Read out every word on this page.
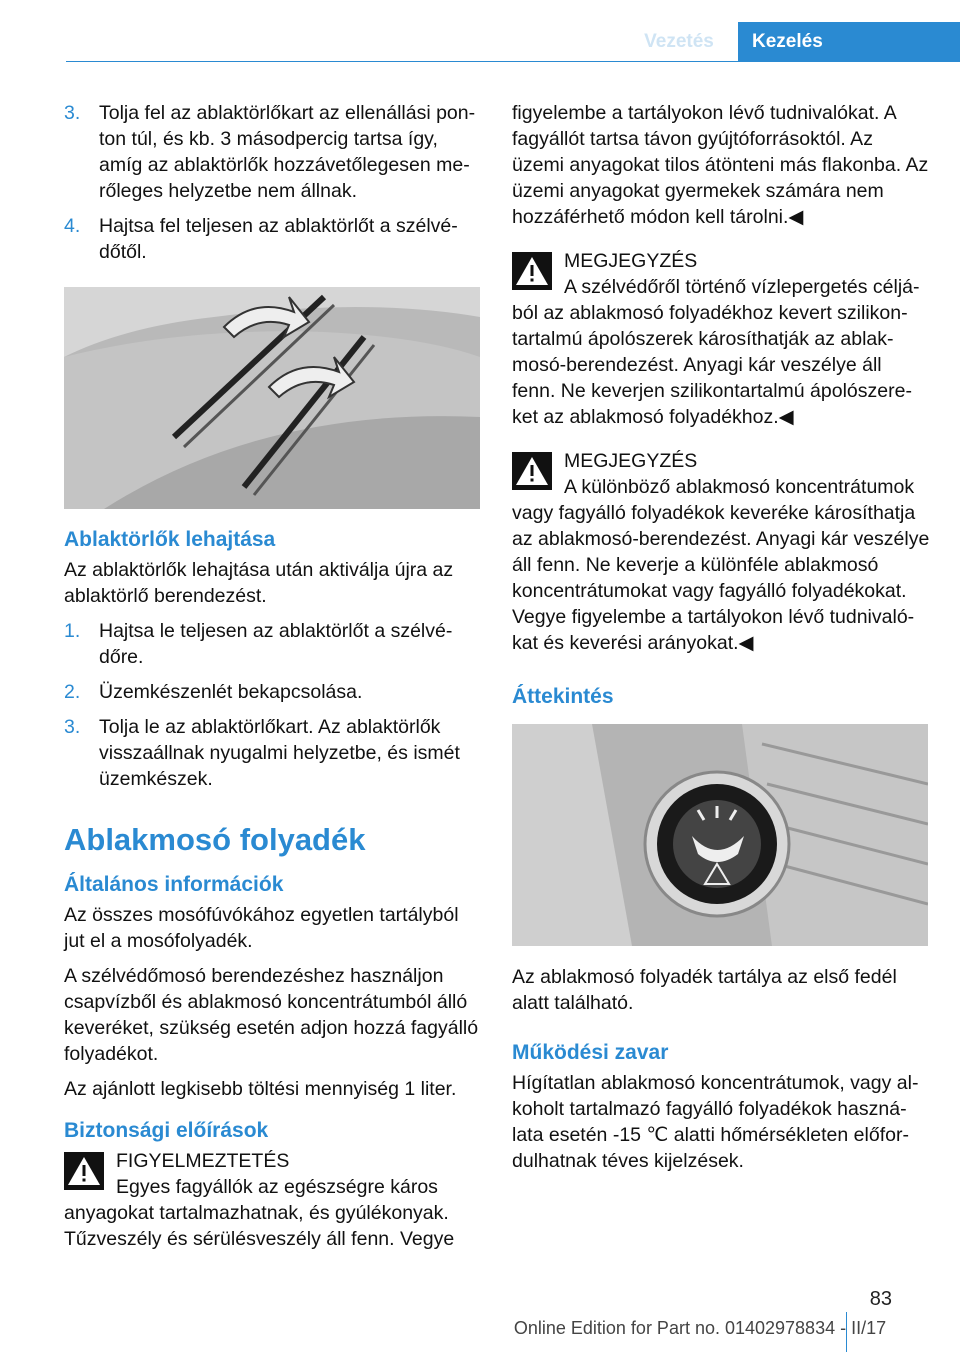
Vezetés	Kezelés
3. Tolja fel az ablaktörlőkart az ellenállási ponton túl, és kb. 3 másodpercig tartsa így, amíg az ablaktörlők hozzávetőlegesen merőleges helyzetbe nem állnak.
4. Hajtsa fel teljesen az ablaktörlőt a szélvédőtől.
Ablaktörlők lehajtása

Az ablaktörlők lehajtása után aktiválja újra az ablaktörlő berendezést.

1. Hajtsa le teljesen az ablaktörlőt a szélvédőre.
2. Üzemkészenlét bekapcsolása.
3. Tolja le az ablaktörlőkart. Az ablaktörlők visszaállnak nyugalmi helyzetbe, és ismét üzemkészek.
Ablakmosó folyadék
Általános információk

Az összes mosófúvókához egyetlen tartályból jut el a mosófolyadék.

A szélvédőmosó berendezéshez használjon csapvízből és ablakmosó koncentrátumból álló keveréket, szükség esetén adjon hozzá fagyálló folyadékot.

Az ajánlott legkisebb töltési mennyiség 1 liter.

Biztonsági előírások
FIGYELMEZTETÉS
Egyes fagyállók az egészségre káros anyagokat tartalmazhatnak, és gyúlékonyak. Tűzveszély és sérülésveszély áll fenn. Vegye

figyelembe a tartályokon lévő tudnivalókat. A fagyállót tartsa távon gyújtóforrásoktól. Az üzemi anyagokat tilos átönteni más flakonba. Az üzemi anyagokat gyermekek számára nem hozzáférhető módon kell tárolni.◀

MEGJEGYZÉS
A szélvédőről történő vízlepergetés céljából az ablakmosó folyadékhoz kevert szilikontartalmú ápolószerek károsíthatják az ablakmosó-berendezést. Anyagi kár veszélye áll fenn. Ne keverjen szilikontartalmú ápolószereket az ablakmosó folyadékhoz.◀
MEGJEGYZÉS
A különböző ablakmosó koncentrátumok vagy fagyálló folyadékok keveréke károsíthatja az ablakmosó-berendezést. Anyagi kár veszélye áll fenn. Ne keverje a különféle ablakmosó koncentrátumokat vagy fagyálló folyadékokat. Vegye figyelembe a tartályokon lévő tudnivalókat és keverési arányokat.◀
Áttekintés

Az ablakmosó folyadék tartálya az első fedél alatt található.

Működési zavar

Hígítatlan ablakmosó koncentrátumok, vagy alkoholt tartalmazó fagyálló folyadékok használata esetén -15 ℃ alatti hőmérsékleten előfordulhatnak téves kijelzések.

83
Online Edition for Part no. 01402978834 - II/17
